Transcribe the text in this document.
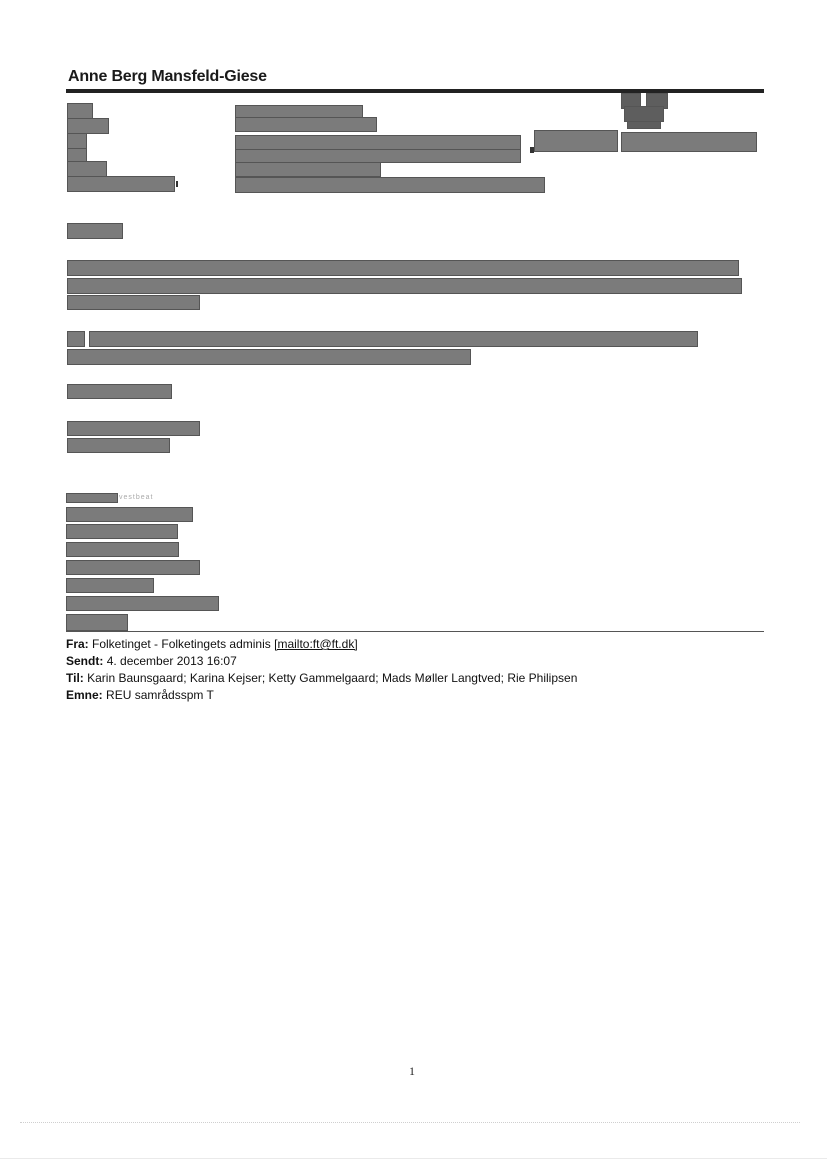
Anne Berg Mansfeld-Giese
vestbeat
Fra: Folketinget - Folketingets adminis [mailto:ft@ft.dk]
Sendt: 4. december 2013 16:07
Til: Karin Baunsgaard; Karina Kejser; Ketty Gammelgaard; Mads Møller Langtved; Rie Philipsen
Emne: REU samrådsspm T
1
